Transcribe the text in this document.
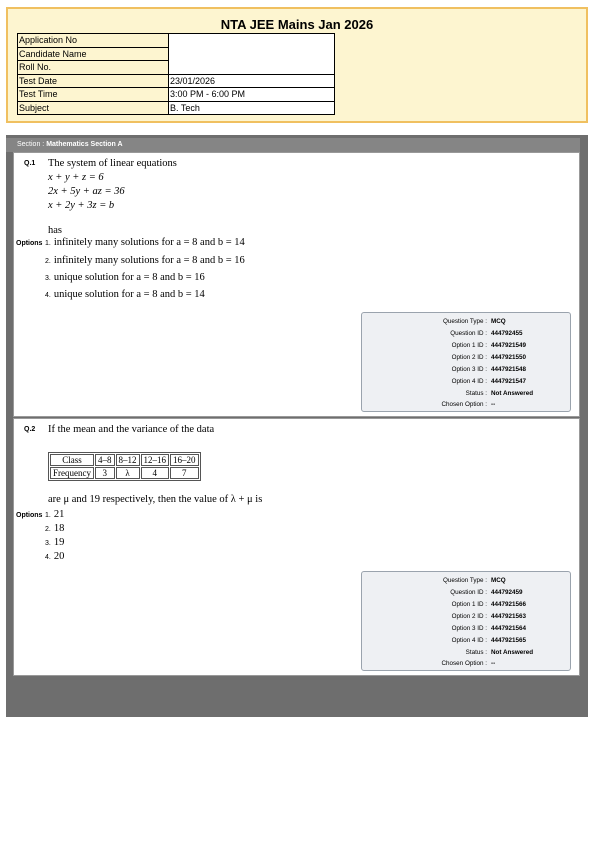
NTA JEE Mains Jan 2026
Application No	
Candidate Name	
Roll No.	
Test Date	23/01/2026
Test Time	3:00 PM - 6:00 PM
Subject	B. Tech
Section : Mathematics Section A
Q.1 The system of linear equations
x + y + z = 6
2x + 5y + az = 36
x + 2y + 3z = b
has
Options 1. infinitely many solutions for a = 8 and b = 14
2. infinitely many solutions for a = 8 and b = 16
3. unique solution for a = 8 and b = 16
4. unique solution for a = 8 and b = 14
Question Type : MCQ
Question ID : 444792455
Option 1 ID : 4447921549
Option 2 ID : 4447921550
Option 3 ID : 4447921548
Option 4 ID : 4447921547
Status : Not Answered
Chosen Option : --
Q.2 If the mean and the variance of the data
Class	4–8	8–12	12–16	16–20
Frequency	3	λ	4	7
are μ and 19 respectively, then the value of λ + μ is
Options 1. 21
2. 18
3. 19
4. 20
Question Type : MCQ
Question ID : 444792459
Option 1 ID : 4447921566
Option 2 ID : 4447921563
Option 3 ID : 4447921564
Option 4 ID : 4447921565
Status : Not Answered
Chosen Option : --
